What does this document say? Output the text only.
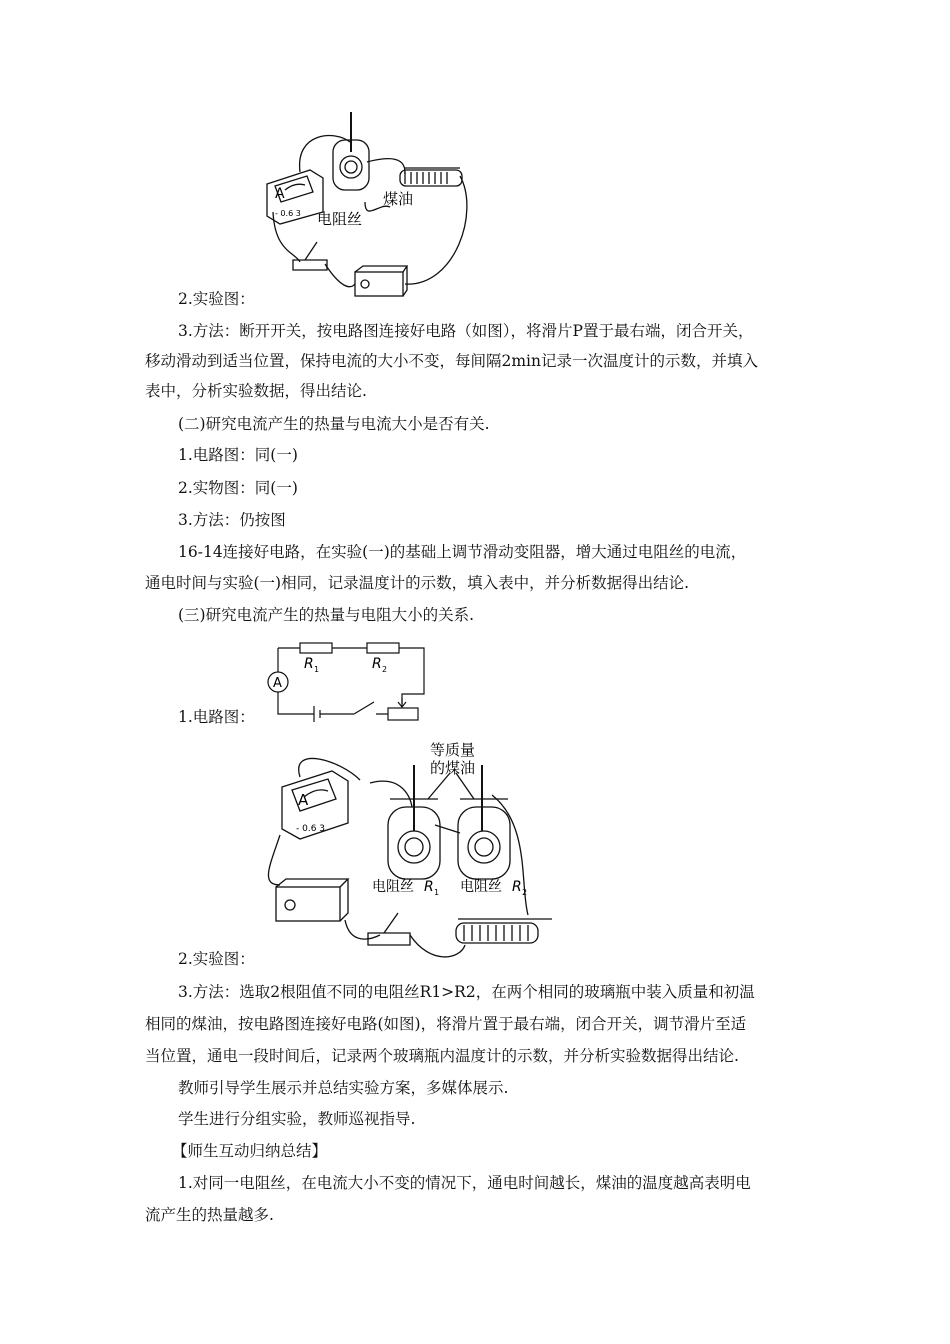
A
- 0.6 3
煤油
电阻丝
2.实验图：
3.方法：断开开关，按电路图连接好电路（如图），将滑片P置于最右端，闭合开关，
移动滑动到适当位置，保持电流的大小不变，每间隔2min记录一次温度计的示数，并填入
表中，分析实验数据，得出结论.
(二)研究电流产生的热量与电流大小是否有关.
1.电路图：同(一)
2.实物图：同(一)
3.方法：仍按图
16-14连接好电路，在实验(一)的基础上调节滑动变阻器，增大通过电阻丝的电流，
通电时间与实验(一)相同，记录温度计的示数，填入表中，并分析数据得出结论.
(三)研究电流产生的热量与电阻大小的关系.
A
R 1	R 2
1.电路图：
等质量
的煤油
A
- 0.6 3
电阻丝 R 1 电阻丝 R 2
2.实验图：
3.方法：选取2根阻值不同的电阻丝R1>R2，在两个相同的玻璃瓶中装入质量和初温
相同的煤油，按电路图连接好电路(如图)，将滑片置于最右端，闭合开关，调节滑片至适
当位置，通电一段时间后，记录两个玻璃瓶内温度计的示数，并分析实验数据得出结论.
教师引导学生展示并总结实验方案，多媒体展示.
学生进行分组实验，教师巡视指导.
【师生互动归纳总结】
1.对同一电阻丝，在电流大小不变的情况下，通电时间越长，煤油的温度越高表明电
流产生的热量越多.
